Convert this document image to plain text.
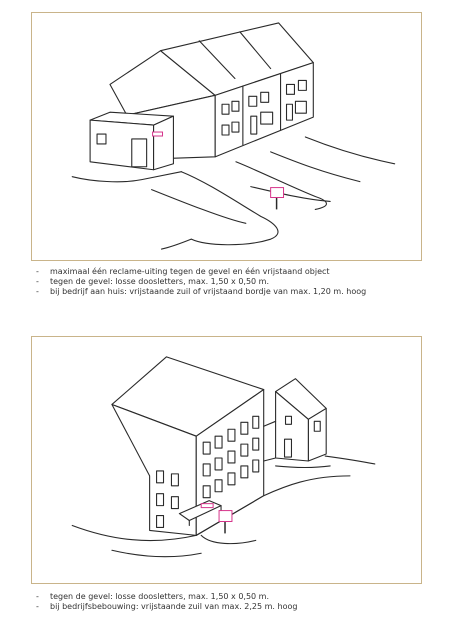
- maximaal één reclame-uiting tegen de gevel en één vrijstaand object
- tegen de gevel: losse doosletters, max. 1,50 x 0,50 m.
- bij bedrijf aan huis: vrijstaande zuil of vrijstaand bordje van max. 1,20 m. hoog
- tegen de gevel: losse doosletters, max. 1,50 x 0,50 m.
- bij bedrijfsbebouwing: vrijstaande zuil van max. 2,25 m. hoog
